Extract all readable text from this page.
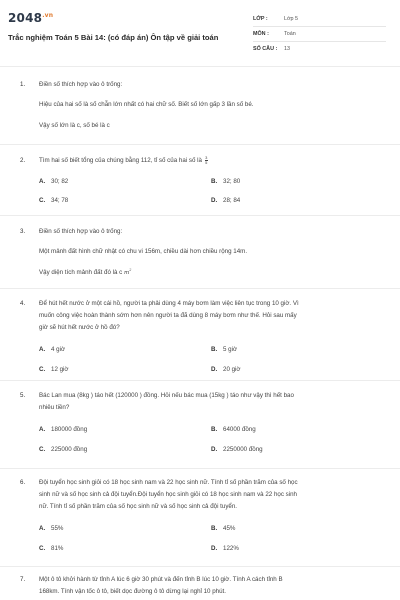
$2048^{.vn}$
Trắc nghiệm Toán 5 Bài 14: (có đáp án) Ôn tập về giải toán
LỚP :	Lớp 5
MÔN :	Toán
SỐ CÂU :	13
1. Điền số thích hợp vào ô trống:
Hiệu của hai số là số chẵn lớn nhất có hai chữ số. Biết số lớn gấp 3 lần số bé.
Vậy số lớn là c, số bé là c
2. Tìm hai số biết tổng của chúng bằng 112, tỉ số của hai số là $\frac{3}{5}$
A. 30; 82	B. 32; 80
C. 34; 78	D. 28; 84
3. Điền số thích hợp vào ô trống:
Một mảnh đất hình chữ nhật có chu vi 156m, chiều dài hơn chiều rộng 14m.
Vậy diện tích mảnh đất đó là c $m^2$
4. Để hút hết nước ở một cái hồ, người ta phải dùng 4 máy bơm làm việc liên tục trong 10 giờ. Vì
muốn công việc hoàn thành sớm hơn nên người ta đã dùng 8 máy bơm như thế. Hỏi sau mấy
giờ sẽ hút hết nước ở hồ đó?
A. 4 giờ	B. 5 giờ
C. 12 giờ	D. 20 giờ
5. Bác Lan mua (8kg ) táo hết (120000 ) đồng. Hỏi nếu bác mua (15kg ) táo như vậy thì hết bao
nhiêu tiền?
A. 180000 đồng	B. 64000 đồng
C. 225000 đồng	D. 2250000 đồng
6. Đội tuyển học sinh giỏi có 18 học sinh nam và 22 học sinh nữ. Tính tỉ số phần trăm của số học
sinh nữ và số học sinh cả đội tuyển.Đội tuyển học sinh giỏi có 18 học sinh nam và 22 học sinh
nữ. Tính tỉ số phần trăm của số học sinh nữ và số học sinh cả đội tuyển.
A. 55%	B. 45%
C. 81%	D. 122%
7. Một ô tô khởi hành từ tỉnh A lúc 6 giờ 30 phút và đến tỉnh B lúc 10 giờ. Tính A cách tỉnh B
168km. Tính vận tốc ô tô, biết dọc đường ô tô dừng lại nghỉ 10 phút.
